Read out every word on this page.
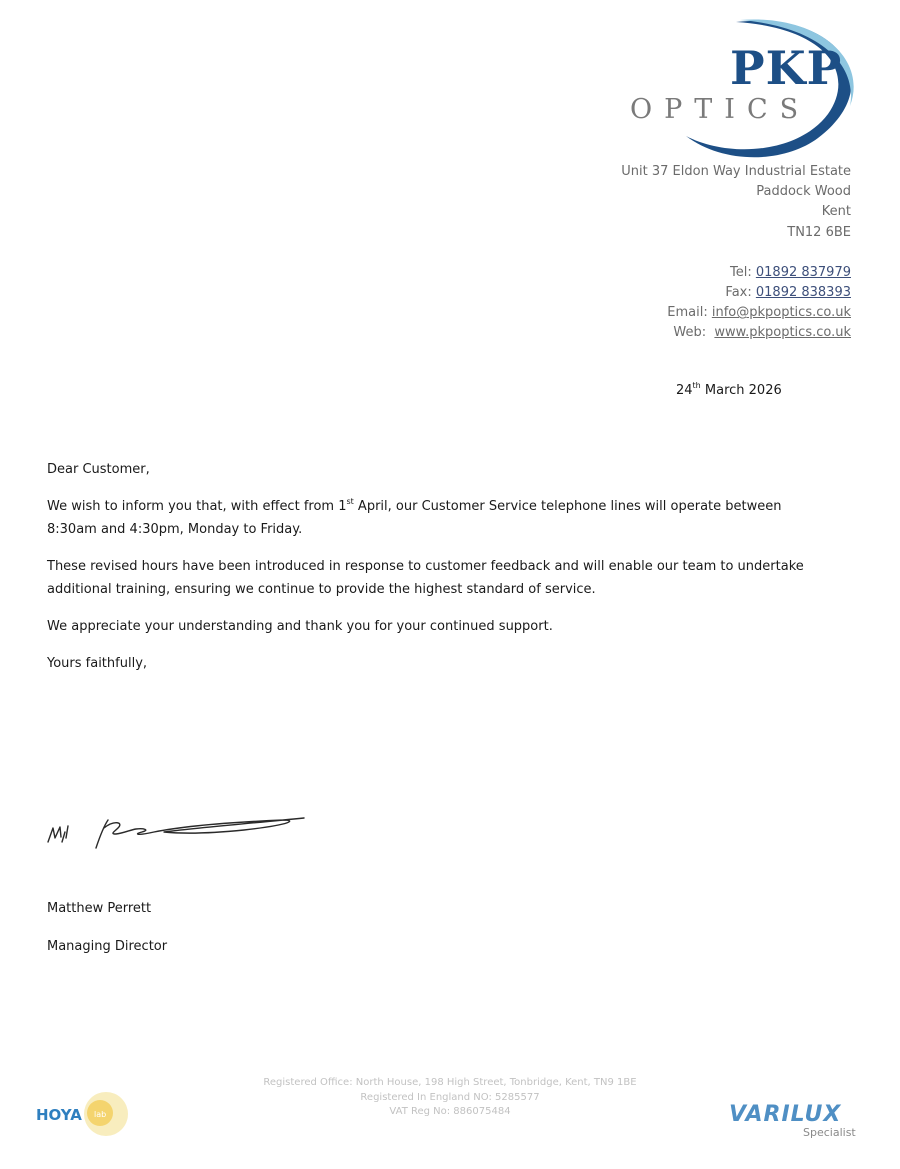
PKP
OPTICS
Unit 37 Eldon Way Industrial Estate
Paddock Wood
Kent
TN12 6BE
Tel: 01892 837979
Fax: 01892 838393
Email: info@pkpoptics.co.uk
Web: www.pkpoptics.co.uk
24th March 2026

Dear Customer,

We wish to inform you that, with effect from 1st April, our Customer Service telephone lines will operate between
8:30am and 4:30pm, Monday to Friday.

These revised hours have been introduced in response to customer feedback and will enable our team to undertake
additional training, ensuring we continue to provide the highest standard of service.

We appreciate your understanding and thank you for your continued support.

Yours faithfully,

Matthew Perrett
Managing Director
Registered Office: North House, 198 High Street, Tonbridge, Kent, TN9 1BE
Registered In England NO: 5285577
VAT Reg No: 886075484
HOYA lab	VARILUX
Specialist
